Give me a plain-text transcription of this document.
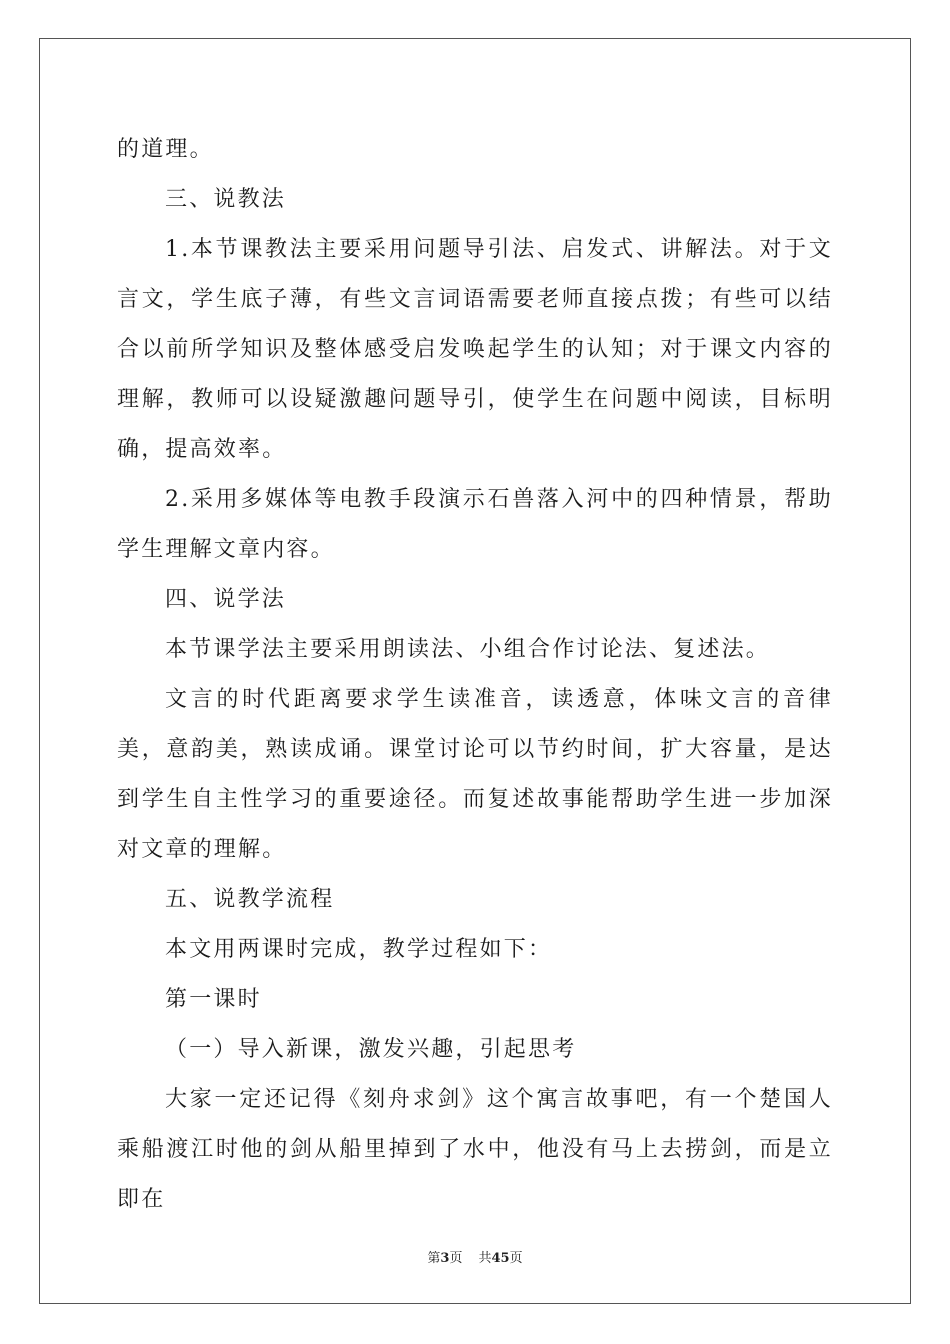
的道理。

三、说教法

1.本节课教法主要采用问题导引法、启发式、讲解法。对于文言文，学生底子薄，有些文言词语需要老师直接点拨；有些可以结合以前所学知识及整体感受启发唤起学生的认知；对于课文内容的理解，教师可以设疑激趣问题导引，使学生在问题中阅读，目标明确，提高效率。

2.采用多媒体等电教手段演示石兽落入河中的四种情景，帮助学生理解文章内容。

四、说学法

本节课学法主要采用朗读法、小组合作讨论法、复述法。

文言的时代距离要求学生读准音，读透意，体味文言的音律美，意韵美，熟读成诵。课堂讨论可以节约时间，扩大容量，是达到学生自主性学习的重要途径。而复述故事能帮助学生进一步加深对文章的理解。

五、说教学流程

本文用两课时完成，教学过程如下：

第一课时

（一）导入新课，激发兴趣，引起思考

大家一定还记得《刻舟求剑》这个寓言故事吧，有一个楚国人乘船渡江时他的剑从船里掉到了水中，他没有马上去捞剑，而是立即在

第3页 共45页
